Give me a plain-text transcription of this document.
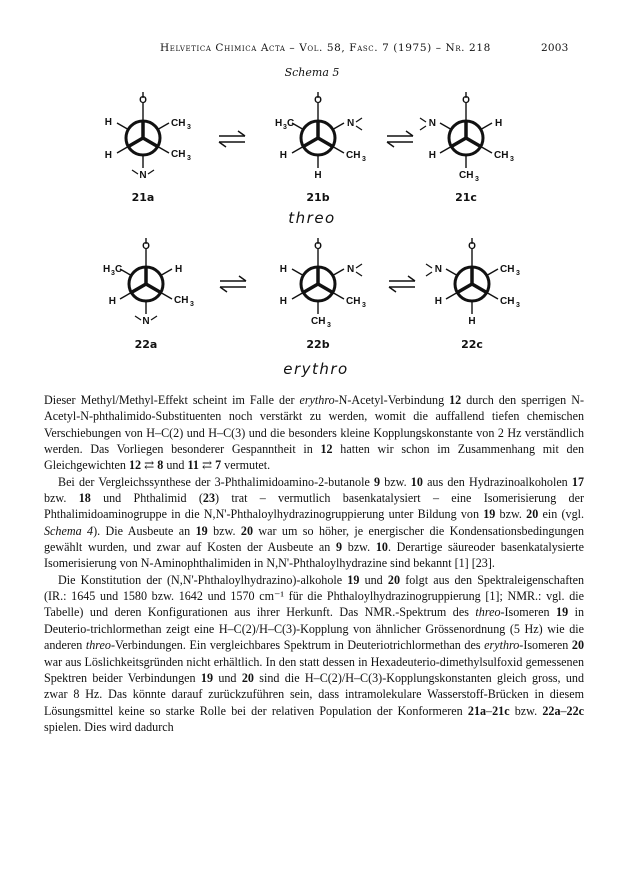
Helvetica Chimica Acta – Vol. 58, Fasc. 7 (1975) – Nr. 218	2003
Schema 5
O
H	CH 3
H	CH 3
N
21a
O
H 3 C	N
H	CH 3
H
21b
O
N	H
H	CH 3
CH 3
21c
threo
O
H 3 C	H
H	CH 3
N
22a
O
H	N
H	CH 3
CH 3
22b
O
N	CH 3
H	CH 3
H
22c
erythro

Dieser Methyl/Methyl-Effekt scheint im Falle der erythro-N-Acetyl-Verbindung 12 durch den sperrigen N-Acetyl-N-phthalimido-Substituenten noch verstärkt zu werden, womit die auffallend tiefen chemischen Verschiebungen von H–C(2) und H–C(3) und die besonders kleine Kopplungskonstante von 2 Hz verständlich werden. Das Vorliegen besonderer Gespanntheit in 12 hatten wir schon im Zusammenhang mit den Gleichgewichten 12 ⇄ 8 und 11 ⇄ 7 vermutet.

Bei der Vergleichssynthese der 3-Phthalimidoamino-2-butanole 9 bzw. 10 aus den Hydrazinoalkoholen 17 bzw. 18 und Phthalimid (23) trat – vermutlich basenkatalysiert – eine Isomerisierung der Phthalimidoaminogruppe in die N,N'-Phthaloylhydrazinogruppierung unter Bildung von 19 bzw. 20 ein (vgl. Schema 4). Die Ausbeute an 19 bzw. 20 war um so höher, je energischer die Kondensationsbedingungen gewählt wurden, und zwar auf Kosten der Ausbeute an 9 bzw. 10. Derartige säureoder basenkatalysierte Isomerisierung von N-Aminophthalimiden in N,N'-Phthaloylhydrazine sind bekannt [1] [23].

Die Konstitution der (N,N'-Phthaloylhydrazino)-alkohole 19 und 20 folgt aus den Spektraleigenschaften (IR.: 1645 und 1580 bzw. 1642 und 1570 cm⁻¹ für die Phthaloylhydrazinogruppierung [1]; NMR.: vgl. die Tabelle) und deren Konfigurationen aus ihrer Herkunft. Das NMR.-Spektrum des threo-Isomeren 19 in Deuterio-trichlormethan zeigt eine H–C(2)/H–C(3)-Kopplung von ähnlicher Grössenordnung (5 Hz) wie die anderen threo-Verbindungen. Ein vergleichbares Spektrum in Deuteriotrichlormethan des erythro-Isomeren 20 war aus Löslichkeitsgründen nicht erhältlich. In den statt dessen in Hexadeuterio-dimethylsulfoxid gemessenen Spektren beider Verbindungen 19 und 20 sind die H–C(2)/H–C(3)-Kopplungskonstanten gleich gross, und zwar 8 Hz. Das könnte darauf zurückzuführen sein, dass intramolekulare Wasserstoff-Brücken in diesem Lösungsmittel keine so starke Rolle bei der relativen Population der Konformeren 21a–21c bzw. 22a–22c spielen. Dies wird dadurch
